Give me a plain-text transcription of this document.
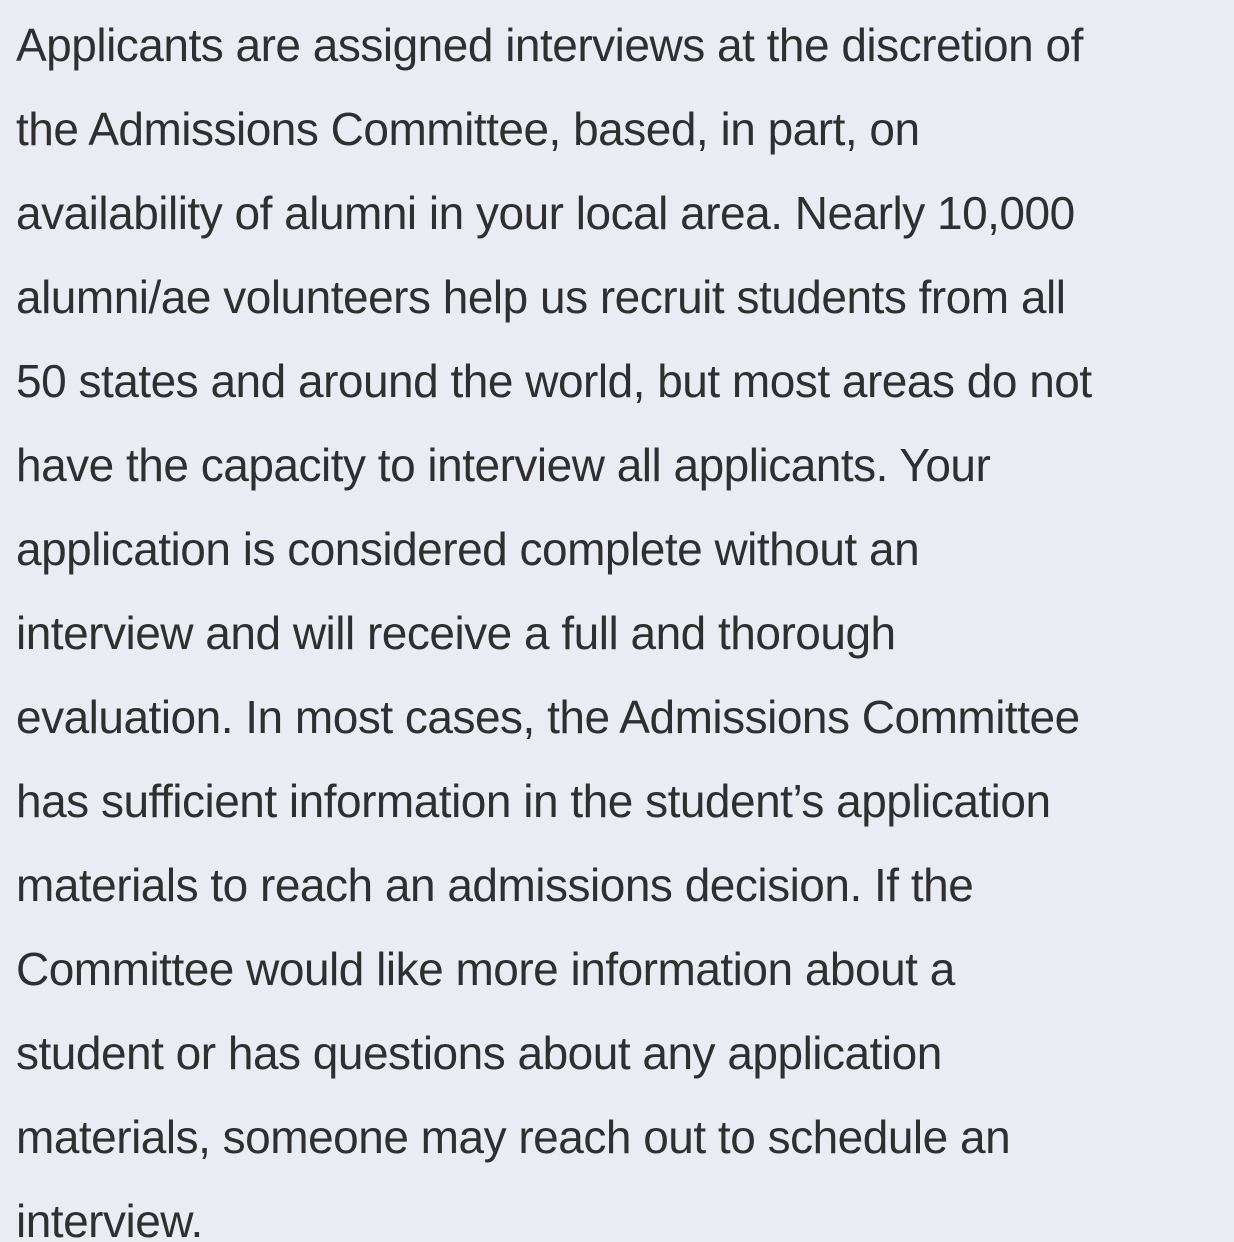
Applicants are assigned interviews at the discretion of
the Admissions Committee, based, in part, on
availability of alumni in your local area. Nearly 10,000
alumni/ae volunteers help us recruit students from all
50 states and around the world, but most areas do not
have the capacity to interview all applicants. Your
application is considered complete without an
interview and will receive a full and thorough
evaluation. In most cases, the Admissions Committee
has sufficient information in the student’s application
materials to reach an admissions decision. If the
Committee would like more information about a
student or has questions about any application
materials, someone may reach out to schedule an
interview.
